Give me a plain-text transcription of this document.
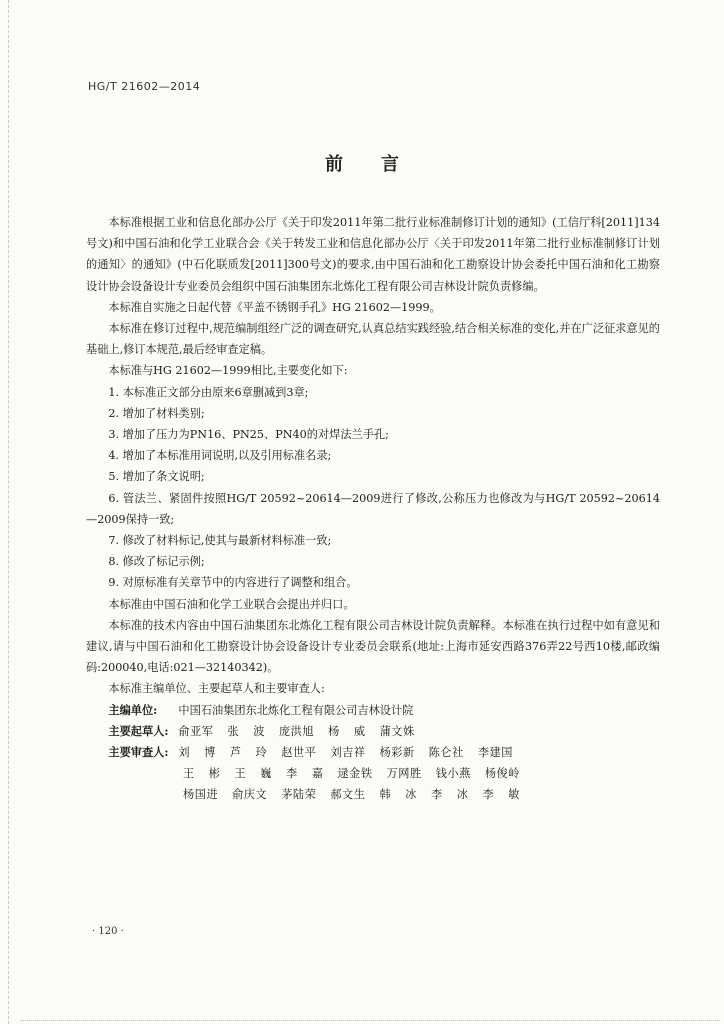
HG/T 21602—2014
前言

本标准根据工业和信息化部办公厅《关于印发2011年第二批行业标准制修订计划的通知》(工信厅科[2011]134号文)和中国石油和化学工业联合会《关于转发工业和信息化部办公厅〈关于印发2011年第二批行业标准制修订计划的通知〉的通知》(中石化联质发[2011]300号文)的要求,由中国石油和化工勘察设计协会委托中国石油和化工勘察设计协会设备设计专业委员会组织中国石油集团东北炼化工程有限公司吉林设计院负责修编。

本标准自实施之日起代替《平盖不锈钢手孔》HG 21602—1999。

本标准在修订过程中,规范编制组经广泛的调查研究,认真总结实践经验,结合相关标准的变化,并在广泛征求意见的基础上,修订本规范,最后经审查定稿。

本标准与HG 21602—1999相比,主要变化如下:

1. 本标准正文部分由原来6章删减到3章;

2. 增加了材料类别;

3. 增加了压力为PN16、PN25、PN40的对焊法兰手孔;

4. 增加了本标准用词说明,以及引用标准名录;

5. 增加了条文说明;

6. 管法兰、紧固件按照HG/T 20592~20614—2009进行了修改,公称压力也修改为与HG/T 20592~20614—2009保持一致;

7. 修改了材料标记,使其与最新材料标准一致;

8. 修改了标记示例;

9. 对原标准有关章节中的内容进行了调整和组合。

本标准由中国石油和化学工业联合会提出并归口。

本标准的技术内容由中国石油集团东北炼化工程有限公司吉林设计院负责解释。本标准在执行过程中如有意见和建议,请与中国石油和化工勘察设计协会设备设计专业委员会联系(地址:上海市延安西路376弄22号西10楼,邮政编码:200040,电话:021—32140342)。

本标准主编单位、主要起草人和主要审查人:

主编单位: 中国石油集团东北炼化工程有限公司吉林设计院

主要起草人: 俞亚军 张 波 庞洪旭 杨 威 蒲文姝

主要审查人: 刘 博 芦 玲 赵世平 刘吉祥 杨彩新 陈仑社 李建国

王 彬 王 巍 李 嘉 逯金铁 万网胜 钱小燕 杨俊岭

杨国进 俞庆文 茅陆荣 郝文生 韩 冰 李 冰 李 敏

· 120 ·
